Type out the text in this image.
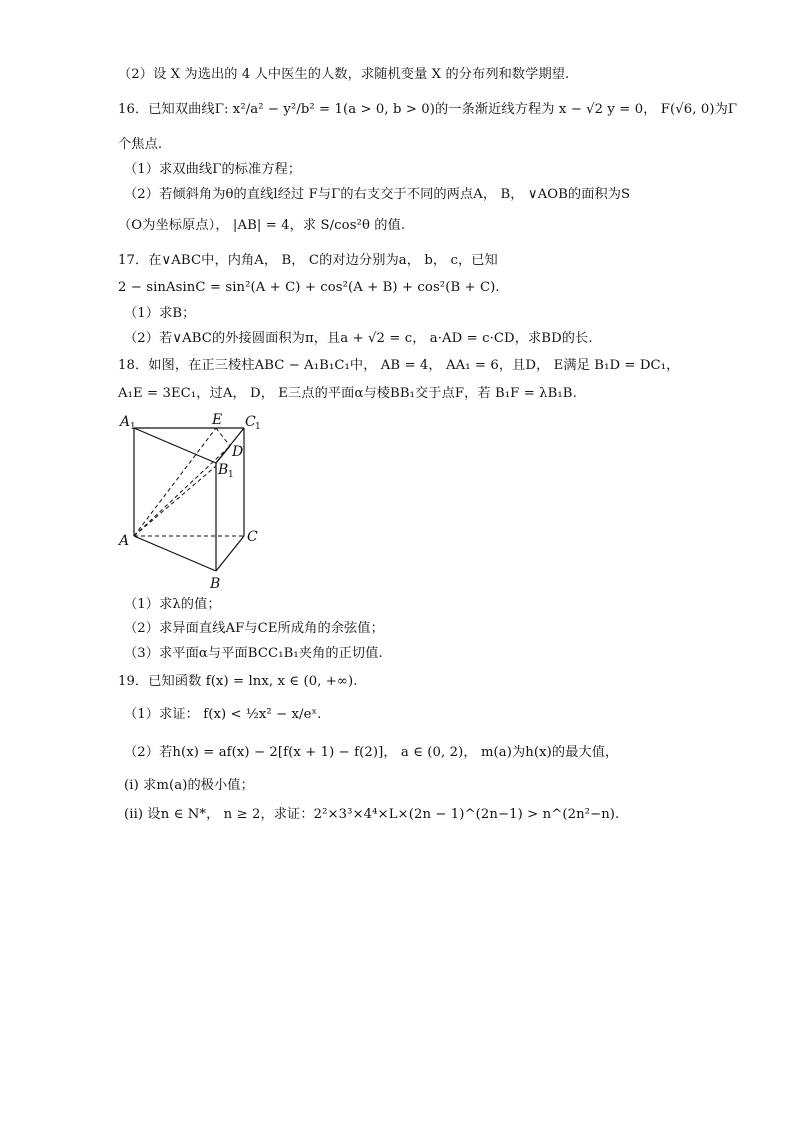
（2）设 X 为选出的 4 人中医生的人数，求随机变量 X 的分布列和数学期望.
16．已知双曲线Γ: x²/a² − y²/b² = 1(a > 0, b > 0)的一条渐近线方程为 x − √2 y = 0， F(√6, 0)为Γ
个焦点.
（1）求双曲线Γ的标准方程；
（2）若倾斜角为θ的直线l经过 F与Γ的右支交于不同的两点A， B， ∨AOB的面积为S
（O为坐标原点）， |AB| = 4，求 S/cos²θ 的值.
17．在∨ABC中，内角A， B， C的对边分别为a， b， c，已知
2 − sinAsinC = sin²(A + C) + cos²(A + B) + cos²(B + C).
（1）求B；
（2）若∨ABC的外接圆面积为π，且a + √2 = c， a·AD = c·CD，求BD的长.
18．如图，在正三棱柱ABC − A₁B₁C₁中， AB = 4， AA₁ = 6，且D， E满足 B₁D = DC₁，
A₁E = 3EC₁，过A， D， E三点的平面α与棱BB₁交于点F，若 B₁F = λB₁B.
A 1	E C 1
D
B 1
A	C
B
（1）求λ的值；
（2）求异面直线AF与CE所成角的余弦值；
（3）求平面α与平面BCC₁B₁夹角的正切值.
19．已知函数 f(x) = lnx, x ∈ (0, +∞).
（1）求证： f(x) < ½x² − x/eˣ.
（2）若h(x) = af(x) − 2[f(x + 1) − f(2)]， a ∈ (0, 2)， m(a)为h(x)的最大值，
(i) 求m(a)的极小值；
(ii) 设n ∈ N*， n ≥ 2，求证：2²×3³×4⁴×L×(2n − 1)^(2n−1) > n^(2n²−n).
